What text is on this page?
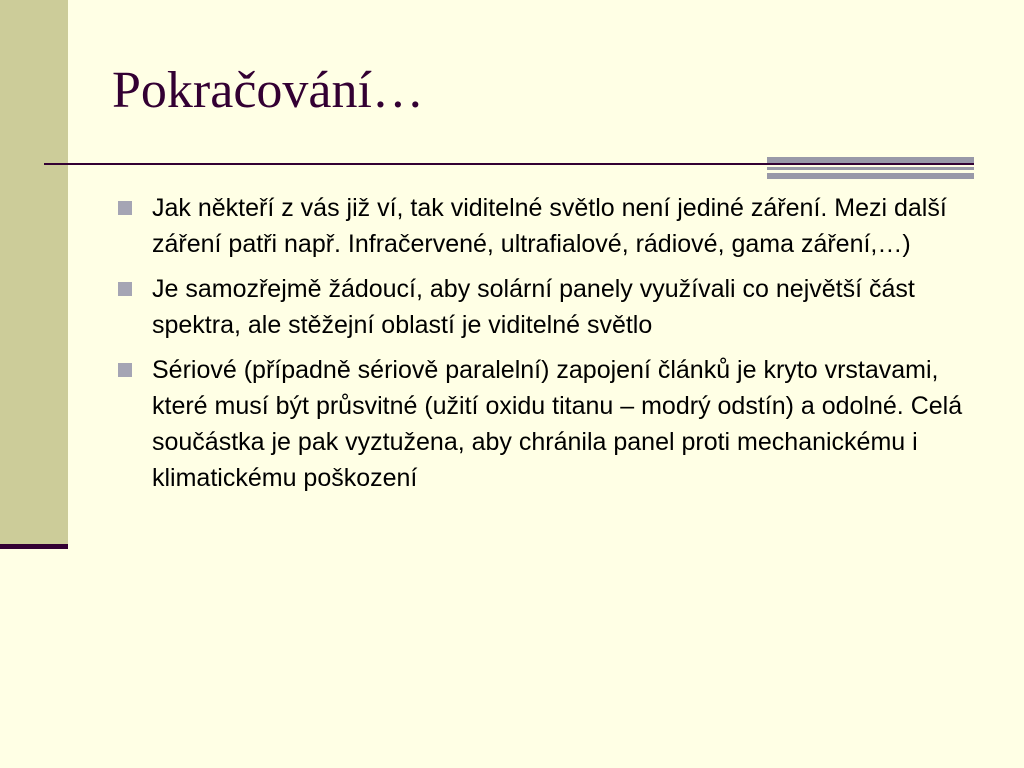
Pokračování…
Jak někteří z vás již ví, tak viditelné světlo není jediné záření. Mezi další záření patři např. Infračervené, ultrafialové, rádiové, gama záření,…)
Je samozřejmě žádoucí, aby solární panely využívali co největší část spektra, ale stěžejní oblastí je viditelné světlo
Sériové (případně sériově paralelní) zapojení článků je kryto vrstavami, které musí být průsvitné (užití oxidu titanu – modrý odstín) a odolné. Celá součástka je pak vyztužena, aby chránila panel proti mechanickému i klimatickému poškození
